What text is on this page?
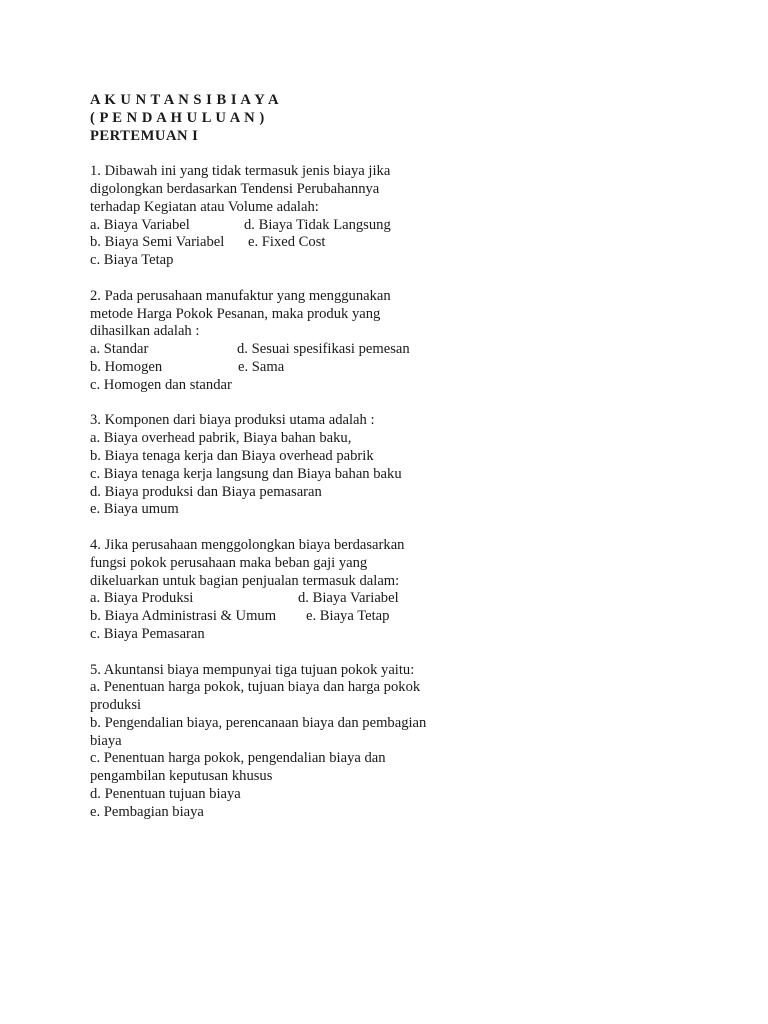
A K U N T A N S I B I A Y A
( P E N D A H U L U A N )
PERTEMUAN I
1. Dibawah ini yang tidak termasuk jenis biaya jika
digolongkan berdasarkan Tendensi Perubahannya
terhadap Kegiatan atau Volume adalah:
a. Biaya Variabel	d. Biaya Tidak Langsung
b. Biaya Semi Variabel	e. Fixed Cost
c. Biaya Tetap
2. Pada perusahaan manufaktur yang menggunakan
metode Harga Pokok Pesanan, maka produk yang
dihasilkan adalah :
a. Standar	d. Sesuai spesifikasi pemesan
b. Homogen	e. Sama
c. Homogen dan standar
3. Komponen dari biaya produksi utama adalah :
a. Biaya overhead pabrik, Biaya bahan baku,
b. Biaya tenaga kerja dan Biaya overhead pabrik
c. Biaya tenaga kerja langsung dan Biaya bahan baku
d. Biaya produksi dan Biaya pemasaran
e. Biaya umum
4. Jika perusahaan menggolongkan biaya berdasarkan
fungsi pokok perusahaan maka beban gaji yang
dikeluarkan untuk bagian penjualan termasuk dalam:
a. Biaya Produksi	d. Biaya Variabel
b. Biaya Administrasi & Umum	e. Biaya Tetap
c. Biaya Pemasaran
5. Akuntansi biaya mempunyai tiga tujuan pokok yaitu:
a. Penentuan harga pokok, tujuan biaya dan harga pokok
produksi
b. Pengendalian biaya, perencanaan biaya dan pembagian
biaya
c. Penentuan harga pokok, pengendalian biaya dan
pengambilan keputusan khusus
d. Penentuan tujuan biaya
e. Pembagian biaya
